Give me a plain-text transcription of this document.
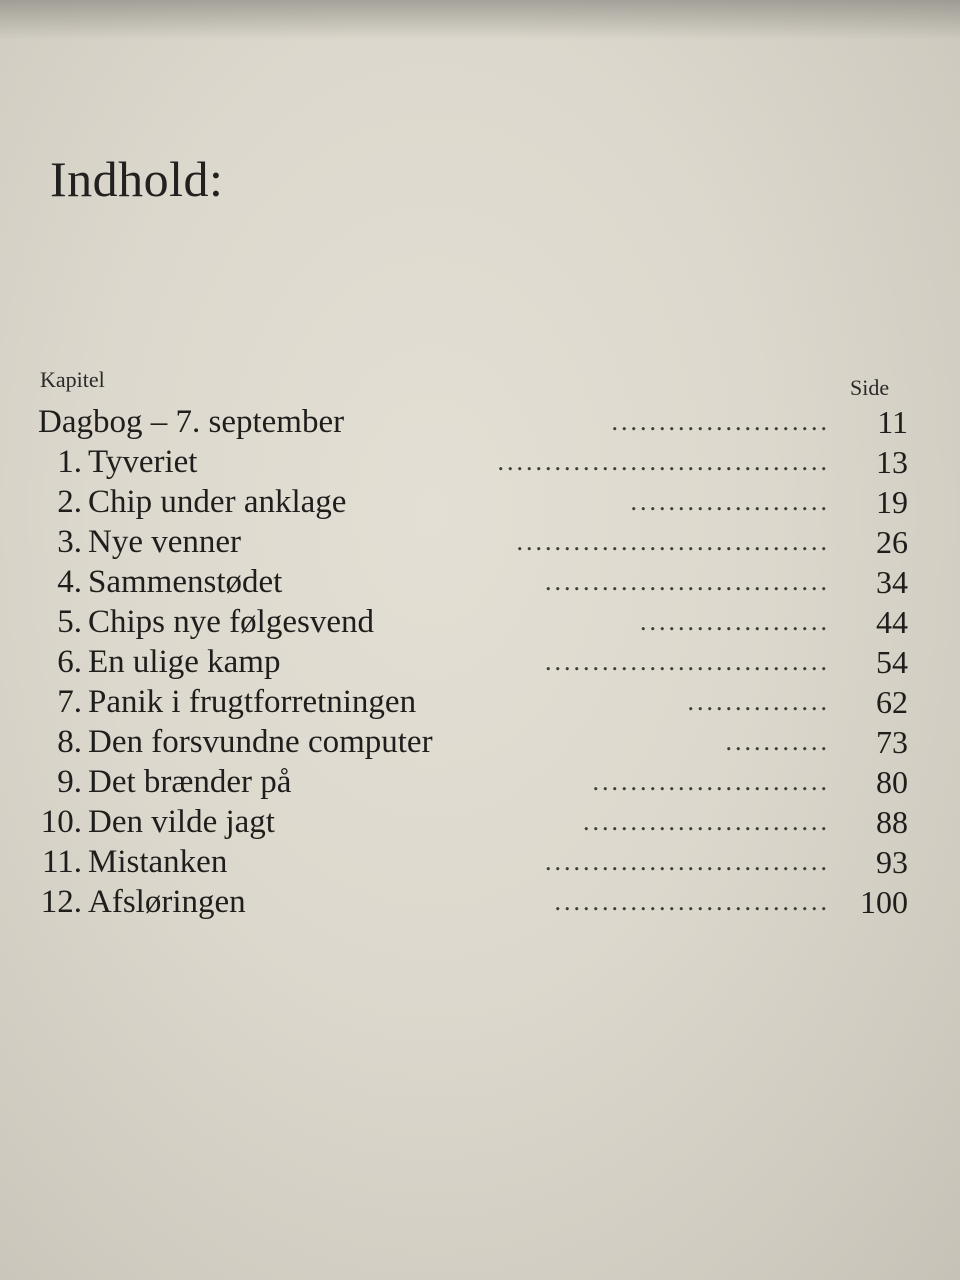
Indhold:
Kapitel	Side
Dagbog – 7. september	.......................	11
1. Tyveriet	...................................	13
2. Chip under anklage	.....................	19
3. Nye venner	.................................	26
4. Sammenstødet	..............................	34
5. Chips nye følgesvend	....................	44
6. En ulige kamp	..............................	54
7. Panik i frugtforretningen	...............	62
8. Den forsvundne computer	...........	73
9. Det brænder på	.........................	80
10. Den vilde jagt	..........................	88
11. Mistanken	..............................	93
12. Afsløringen	............................. 100
